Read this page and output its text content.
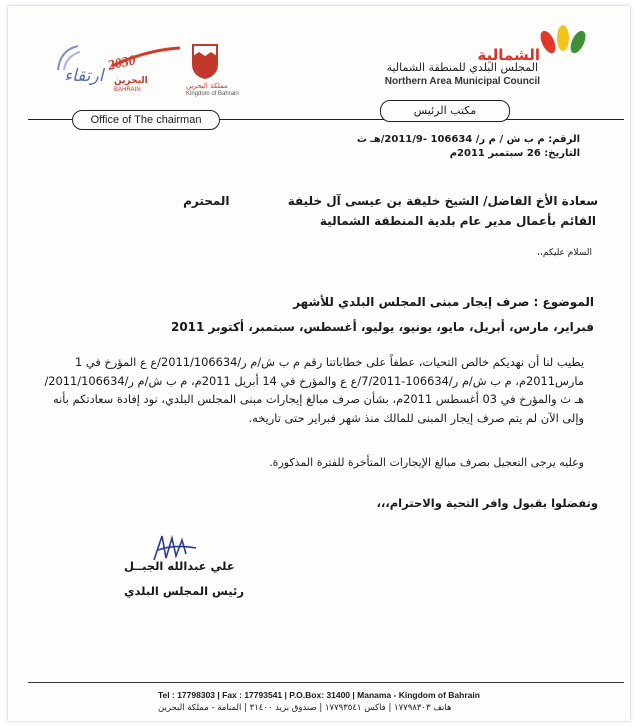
الشمالية
المجلس البلدي للمنطقة الشمالية
Northern Area Municipal Council
مملكة البحرين
Kingdom of Bahrain
2030
البحرين
BAHRAIN
ارتقاء
Office of The chairman
مكتب الرئيس
الرقم: م ب ش / م ر/ 106634 -2011/9/هـ ث
التاريخ: 26 سبتمبر 2011م
سعادة الأخ الفاضل/ الشيخ خليفة بن عيسى آل خليفة المحترم
القائم بأعمال مدير عام بلدية المنطقة الشمالية
السلام عليكم،،
الموضوع : صرف إيجار مبنى المجلس البلدي للأشهر
فبراير، مارس، أبريل، مايو، يونيو، يوليو، أغسطس، سبتمبر، أكتوبر 2011
يطيب لنا أن نهديكم خالص التحيات، عطفاً على خطاباتنا رقم م ب ش/م ر/2011/106634/ع ع المؤرخ في 1 مارس2011م، م ب ش/م ر/106634-7/2011/ع ع والمؤرخ في 14 أبريل 2011م، م ب ش/م ر/2011/106634/هـ ث والمؤرخ في 03 أغسطس 2011م، بشأن صرف مبالغ إيجارات مبنى المجلس البلدي، نود إفادة سعادتكم بأنه وإلى الآن لم يتم صرف إيجار المبنى للمالك منذ شهر فبراير حتى تاريخه.
وعليه يرجى التعجيل بصرف مبالغ الإيجارات المتأخرة للفترة المذكورة.
وتفضلوا بقبول وافر التحية والاحترام،،،
علي عبدالله الجبــل
رئيس المجلس البلدي
Tel : 17798303 | Fax : 17793541 | P.O.Box: 31400 | Manama - Kingdom of Bahrain
هاتف ١٧٧٩٨٣٠٣ | فاكس ١٧٧٩٣٥٤١ | صندوق بريد ٣١٤٠٠ | المنامة - مملكة البحرين
